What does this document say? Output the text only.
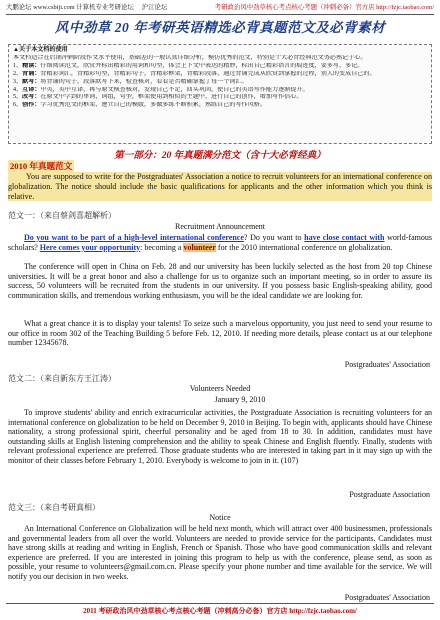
大鹏论坛 www.csbiji.com 计算机专业考研论坛　 沪江论坛	考研政治风中劲草核心考点核心考题（冲刺必备）官方店 http://fzjc.taobao.com/
风中劲草 20 年考研英语精选必背真题范文及必背素材
▲关于本文档的使用
本文档适合在后期冲刺阶段作文水平使用，基础差的一般认真详细分析，模仿优秀的范文，特别是十大必背经典范文务必熟记于心。
1、精读：仔细阅读范文，欣赏并标出精彩的用词和句型，体会上下文中表达的精妙，标出自己精彩语言的痕迹度，要多写，多记。
2、背诵：背精彩词汇，背精彩句型，背精彩句子，背精彩框架，背精彩段落，通过背诵完成从欣赏到掌握的过程，别人的变成自己的。
3、默写：将背诵的句子，段落默写下来，检查核对，看看是否精确掌握了每一个词汇。
4、互译：中英，英中互译，再与原文核查核对，发现自己不足，回头巩固，使自己的英语写作能力逐渐提升。
5、改写：在原文中学到的单词，词组，句型，框架使用到相似的主题中，进行自己的创作，增加写作信心。
6、创作：学习优秀范文的框架，建立自己的模版，多做多练不断积累，熟练自己的写作风格。
第一部分：20 年真题满分范文（含十大必背经典）
2010 年真题范文
You are supposed to write for the Postgraduates' Association a notice to recruit volunteers for an international conference on globalization. The notice should include the basic qualifications for applicants and the other information which you think is relative.
范文一：（来自蔡剑喜超解析）
Recruitment Announcement

Do you want to be part of a high-level international conference? Do you want to have close contact with world-famous scholars? Here comes your opportunity: becoming a volunteer for the 2010 international conference on globalization.

The conference will open in China on Feb. 28 and our university has been luckily selected as the host from 20 top Chinese universities. It will be a great honor and also a challenge for us to organize such an important meeting, so in order to assure its success, 50 volunteers will be recruited from the students in our university. If you possess basic English-speaking ability, good communication skills, and tremendous working enthusiasm, you will be the ideal candidate we are looking for.

What a great chance it is to display your talents! To seize such a marvelous opportunity, you just need to send your resume to our office in room 302 of the Teaching Building 5 before Feb. 12, 2010. If needing more details, please contact us at our telephone number 12345678.

Postgraduates' Association
范文二：（来自新东方王江涛）
Volunteers Needed
January 9, 2010

To improve students' ability and enrich extracurricular activities, the Postgraduate Association is recruiting volunteers for an international conference on globalization to be held on December 9, 2010 in Beijing. To begin with, applicants should have Chinese nationality, a strong professional spirit, cheerful personality and be aged from 18 to 30. In addition, candidates must have outstanding skills at English listening comprehension and the ability to speak Chinese and English fluently. Finally, students with relevant professional experience are preferred. Those graduate students who are interested in taking part in it may sign up with the monitor of their classes before February 1, 2010. Everybody is welcome to join in it. (107)

Postgraduate Association
范文三：（来自考研真相）
Notice

An International Conference on Globalization will be held next month, which will attract over 400 businessmen, professionals and governmental leaders from all over the world. Volunteers are needed to provide service for the participants. Candidates must have strong skills at reading and writing in English, French or Spanish. Those who have good communication skills and relevant experience are preferred. If you are interested in joining this program to help us with the conference, please send, as soon as possible, your resume to volunteers@gmail.com.cn. Please specify your phone number and time available for the service. We will notify you our decision in two weeks.

Postgraduates' Association
2011 考研政治风中劲草核心考点核心考题（冲刺高分必备）官方店 http://fzjc.taobao.com/
